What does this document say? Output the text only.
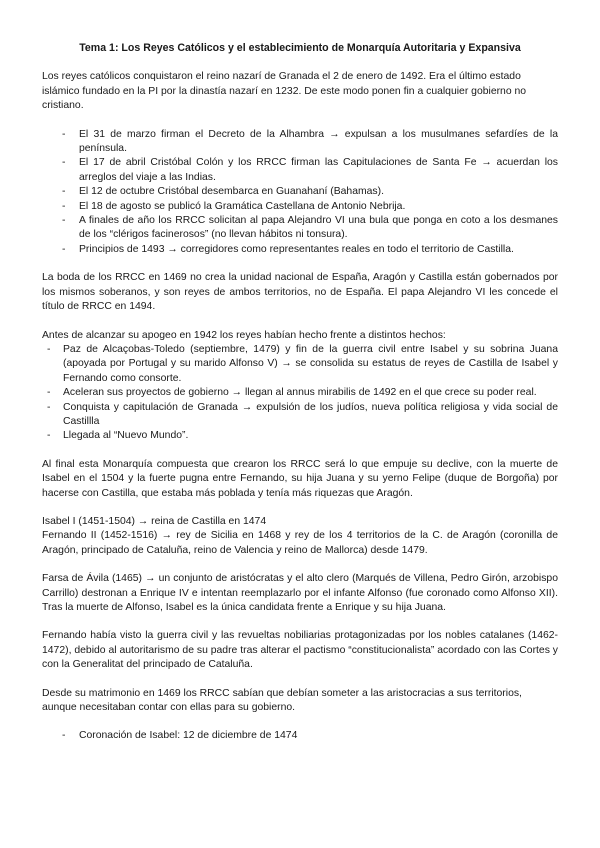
Tema 1: Los Reyes Católicos y el establecimiento de Monarquía Autoritaria y Expansiva

Los reyes católicos conquistaron el reino nazarí de Granada el 2 de enero de 1492. Era el último estado islámico fundado en la PI por la dinastía nazarí en 1232. De este modo ponen fin a cualquier gobierno no cristiano.

- El 31 de marzo firman el Decreto de la Alhambra → expulsan a los musulmanes sefardíes de la península.
- El 17 de abril Cristóbal Colón y los RRCC firman las Capitulaciones de Santa Fe → acuerdan los arreglos del viaje a las Indias.
- El 12 de octubre Cristóbal desembarca en Guanahaní (Bahamas).
- El 18 de agosto se publicó la Gramática Castellana de Antonio Nebrija.
- A finales de año los RRCC solicitan al papa Alejandro VI una bula que ponga en coto a los desmanes de los “clérigos facinerosos” (no llevan hábitos ni tonsura).
- Principios de 1493 → corregidores como representantes reales en todo el territorio de Castilla.

La boda de los RRCC en 1469 no crea la unidad nacional de España, Aragón y Castilla están gobernados por los mismos soberanos, y son reyes de ambos territorios, no de España. El papa Alejandro VI les concede el título de RRCC en 1494.

Antes de alcanzar su apogeo en 1942 los reyes habían hecho frente a distintos hechos:

- Paz de Alcaçobas-Toledo (septiembre, 1479) y fin de la guerra civil entre Isabel y su sobrina Juana (apoyada por Portugal y su marido Alfonso V) → se consolida su estatus de reyes de Castilla de Isabel y Fernando como consorte.
- Aceleran sus proyectos de gobierno → llegan al annus mirabilis de 1492 en el que crece su poder real.
- Conquista y capitulación de Granada → expulsión de los judíos, nueva política religiosa y vida social de Castillla
- Llegada al “Nuevo Mundo”.

Al final esta Monarquía compuesta que crearon los RRCC será lo que empuje su declive, con la muerte de Isabel en el 1504 y la fuerte pugna entre Fernando, su hija Juana y su yerno Felipe (duque de Borgoña) por hacerse con Castilla, que estaba más poblada y tenía más riquezas que Aragón.

Isabel I (1451-1504) → reina de Castilla en 1474

Fernando II (1452-1516) → rey de Sicilia en 1468 y rey de los 4 territorios de la C. de Aragón (coronilla de Aragón, principado de Cataluña, reino de Valencia y reino de Mallorca) desde 1479.

Farsa de Ávila (1465) → un conjunto de aristócratas y el alto clero (Marqués de Villena, Pedro Girón, arzobispo Carrillo) destronan a Enrique IV e intentan reemplazarlo por el infante Alfonso (fue coronado como Alfonso XII). Tras la muerte de Alfonso, Isabel es la única candidata frente a Enrique y su hija Juana.

Fernando había visto la guerra civil y las revueltas nobiliarias protagonizadas por los nobles catalanes (1462-1472), debido al autoritarismo de su padre tras alterar el pactismo “constitucionalista” acordado con las Cortes y con la Generalitat del principado de Cataluña.

Desde su matrimonio en 1469 los RRCC sabían que debían someter a las aristocracias a sus territorios, aunque necesitaban contar con ellas para su gobierno.

- Coronación de Isabel: 12 de diciembre de 1474
